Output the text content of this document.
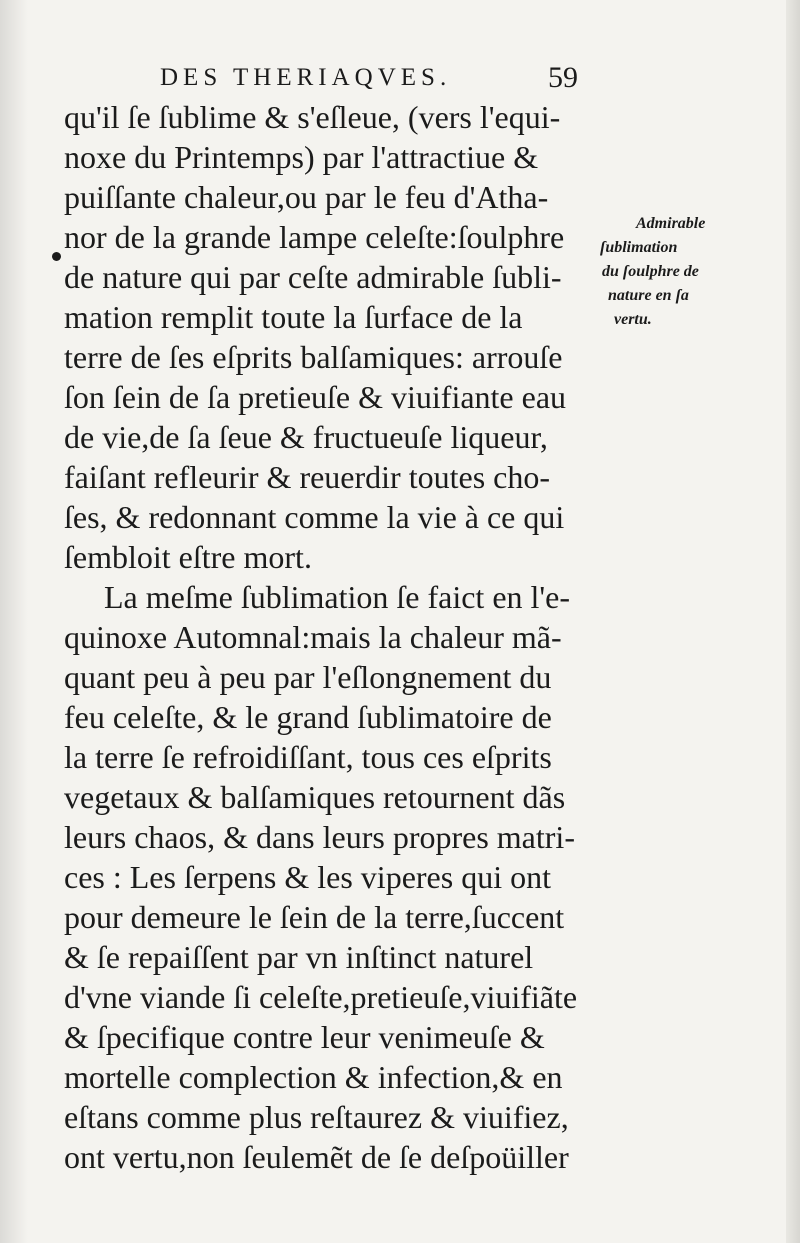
DES THERIAQVES.	59
qu'il ſe ſublime & s'eſleue, (vers l'equi-
noxe du Printemps) par l'attractiue &
puiſſante chaleur,ou par le feu d'Atha-
nor de la grande lampe celeſte:ſoulphre
de nature qui par ceſte admirable ſubli-
mation remplit toute la ſurface de la
terre de ſes eſprits balſamiques: arrouſe
ſon ſein de ſa pretieuſe & viuifiante eau
de vie,de ſa ſeue & fructueuſe liqueur,
faiſant refleurir & reuerdir toutes cho-
ſes, & redonnant comme la vie à ce qui
ſembloit eſtre mort.
La meſme ſublimation ſe faict en l'e-
quinoxe Automnal:mais la chaleur mã-
quant peu à peu par l'eſlongnement du
feu celeſte, & le grand ſublimatoire de
la terre ſe refroidiſſant, tous ces eſprits
vegetaux & balſamiques retournent dãs
leurs chaos, & dans leurs propres matri-
ces : Les ſerpens & les viperes qui ont
pour demeure le ſein de la terre,ſuccent
& ſe repaiſſent par vn inſtinct naturel
d'vne viande ſi celeſte,pretieuſe,viuifiãte
& ſpecifique contre leur venimeuſe &
mortelle complection & infection,& en
eſtans comme plus reſtaurez & viuifiez,
ont vertu,non ſeulemẽt de ſe deſpoüiller
Admirable
ſublimation
du ſoulphre de
nature en ſa
vertu.
